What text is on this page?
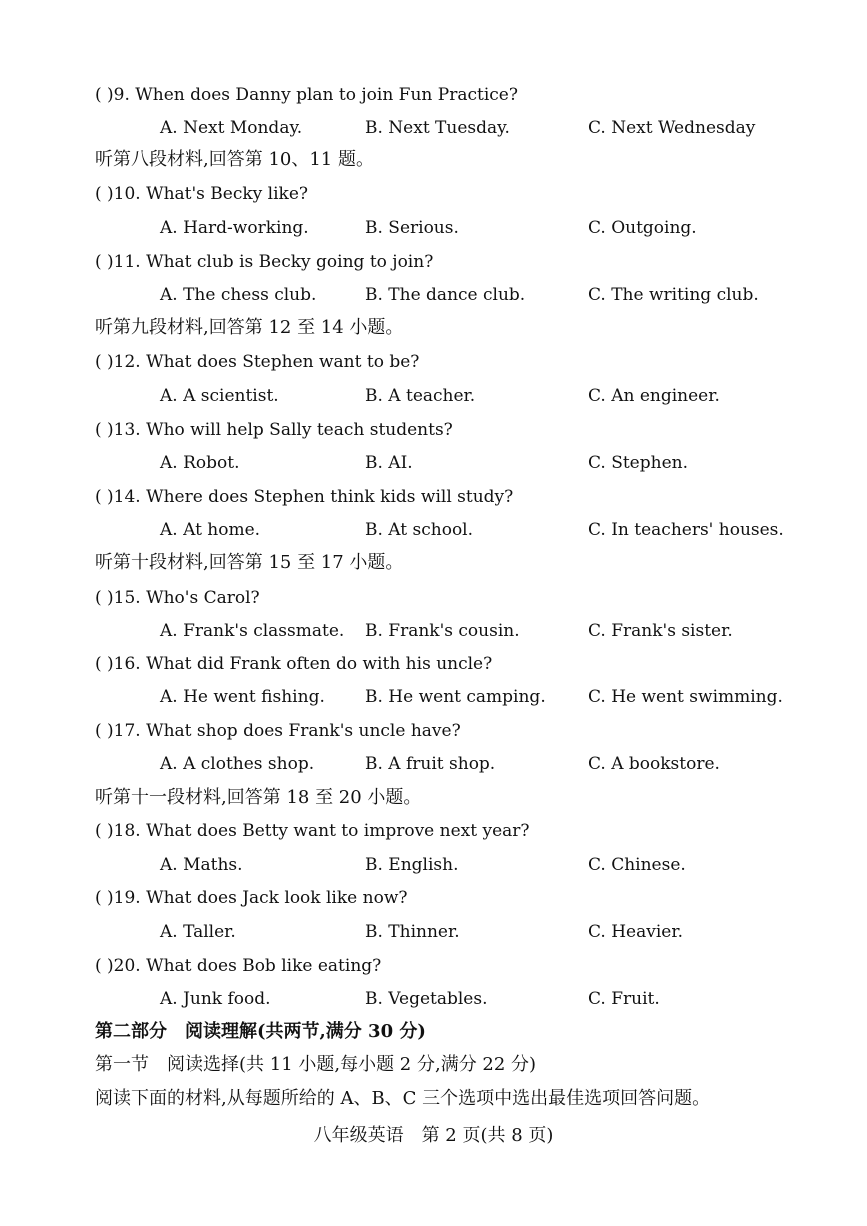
( )9. When does Danny plan to join Fun Practice?
A. Next Monday.	B. Next Tuesday.	C. Next Wednesday
听第八段材料,回答第 10、11 题。
( )10. What's Becky like?
A. Hard-working.	B. Serious.	C. Outgoing.
( )11. What club is Becky going to join?
A. The chess club.	B. The dance club.	C. The writing club.
听第九段材料,回答第 12 至 14 小题。
( )12. What does Stephen want to be?
A. A scientist.	B. A teacher.	C. An engineer.
( )13. Who will help Sally teach students?
A. Robot.	B. AI.	C. Stephen.
( )14. Where does Stephen think kids will study?
A. At home.	B. At school.	C. In teachers' houses.
听第十段材料,回答第 15 至 17 小题。
( )15. Who's Carol?
A. Frank's classmate. B. Frank's cousin.	C. Frank's sister.
( )16. What did Frank often do with his uncle?
A. He went fishing. B. He went camping. C. He went swimming.
( )17. What shop does Frank's uncle have?
A. A clothes shop.	B. A fruit shop.	C. A bookstore.
听第十一段材料,回答第 18 至 20 小题。
( )18. What does Betty want to improve next year?
A. Maths.	B. English.	C. Chinese.
( )19. What does Jack look like now?
A. Taller.	B. Thinner.	C. Heavier.
( )20. What does Bob like eating?
A. Junk food.	B. Vegetables.	C. Fruit.
第二部分　阅读理解(共两节,满分 30 分)
第一节　阅读选择(共 11 小题,每小题 2 分,满分 22 分)
阅读下面的材料,从每题所给的 A、B、C 三个选项中选出最佳选项回答问题。
八年级英语　第 2 页(共 8 页)
